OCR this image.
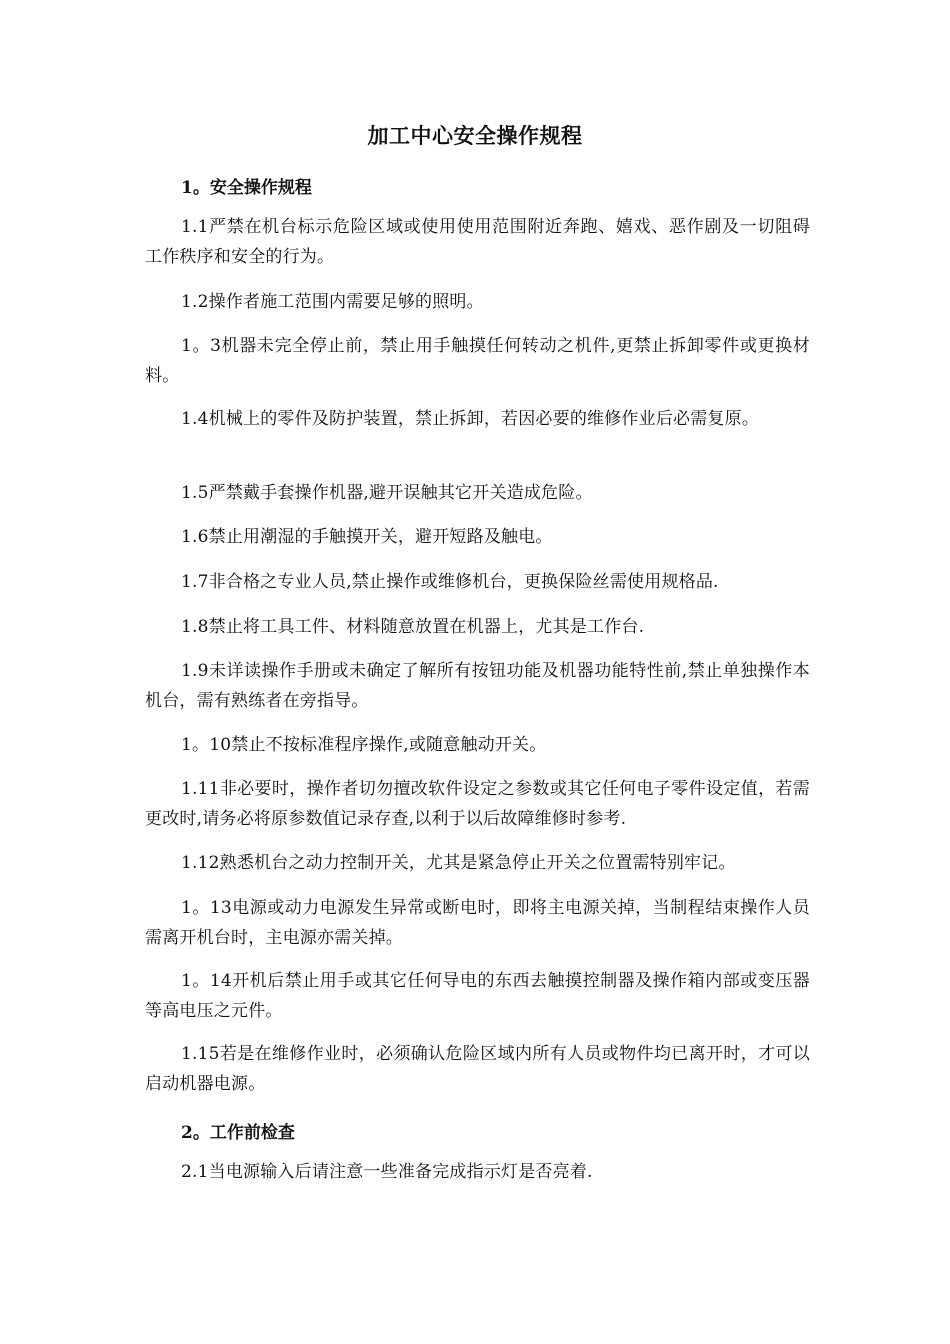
加工中心安全操作规程
1。安全操作规程

1.1严禁在机台标示危险区域或使用使用范围附近奔跑、嬉戏、恶作剧及一切阻碍工作秩序和安全的行为。

1.2操作者施工范围内需要足够的照明。

1。3机器未完全停止前，禁止用手触摸任何转动之机件,更禁止拆卸零件或更换材料。

1.4机械上的零件及防护装置，禁止拆卸，若因必要的维修作业后必需复原。

1.5严禁戴手套操作机器,避开误触其它开关造成危险。

1.6禁止用潮湿的手触摸开关，避开短路及触电。

1.7非合格之专业人员,禁止操作或维修机台，更换保险丝需使用规格品.

1.8禁止将工具工件、材料随意放置在机器上，尤其是工作台.

1.9未详读操作手册或未确定了解所有按钮功能及机器功能特性前,禁止单独操作本机台，需有熟练者在旁指导。

1。10禁止不按标准程序操作,或随意触动开关。

1.11非必要时，操作者切勿擅改软件设定之参数或其它任何电子零件设定值，若需更改时,请务必将原参数值记录存查,以利于以后故障维修时参考.

1.12熟悉机台之动力控制开关，尤其是紧急停止开关之位置需特别牢记。

1。13电源或动力电源发生异常或断电时，即将主电源关掉，当制程结束操作人员需离开机台时，主电源亦需关掉。

1。14开机后禁止用手或其它任何导电的东西去触摸控制器及操作箱内部或变压器等高电压之元件。

1.15若是在维修作业时，必须确认危险区域内所有人员或物件均已离开时，才可以启动机器电源。

2。工作前检查

2.1当电源输入后请注意一些准备完成指示灯是否亮着.
